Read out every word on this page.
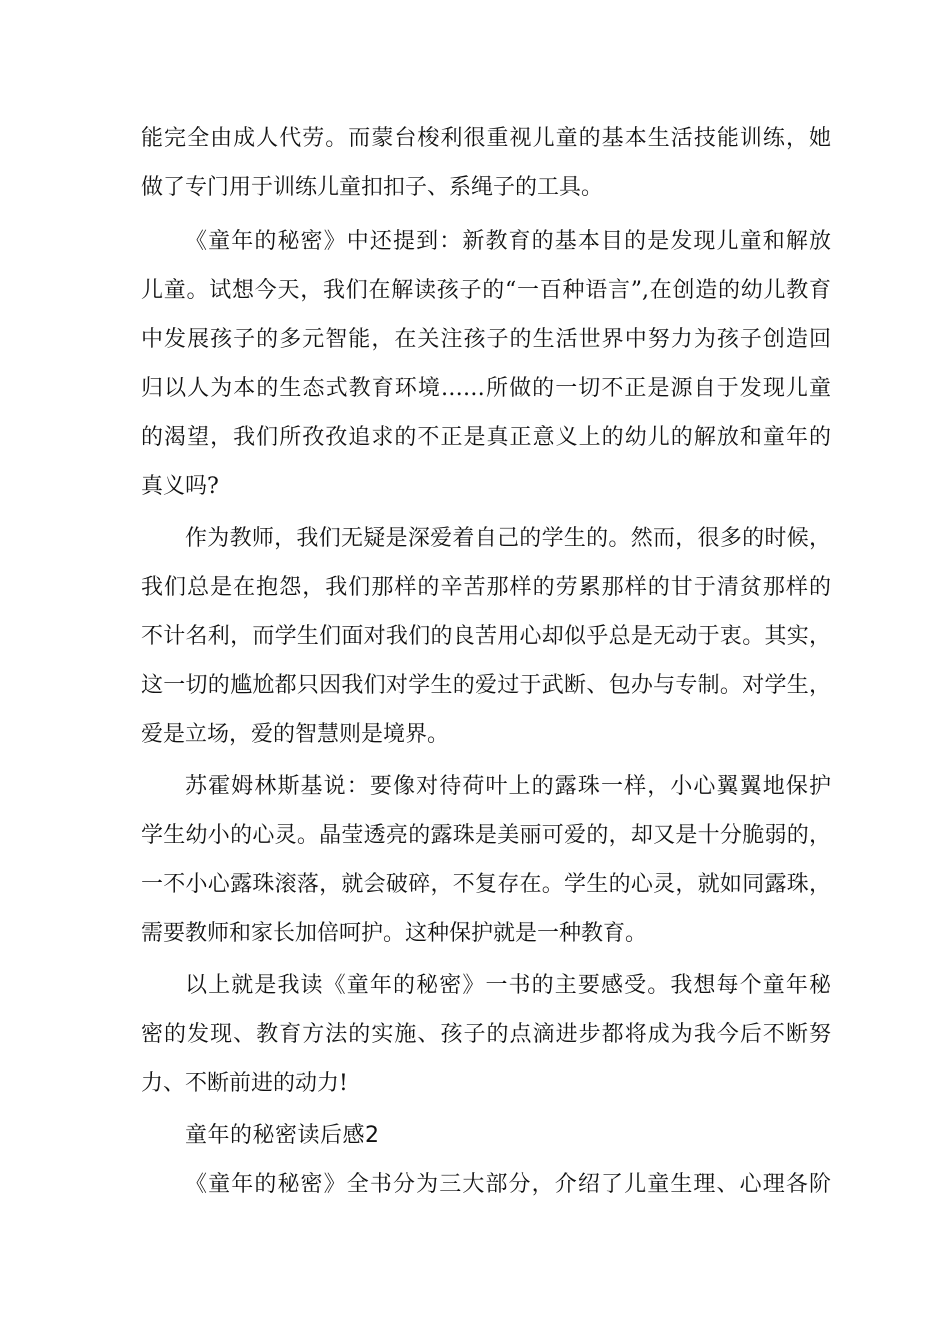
能完全由成人代劳。而蒙台梭利很重视儿童的基本生活技能训练，她
做了专门用于训练儿童扣扣子、系绳子的工具。
《童年的秘密》中还提到：新教育的基本目的是发现儿童和解放
儿童。试想今天，我们在解读孩子的“一百种语言”,在创造的幼儿教育
中发展孩子的多元智能，在关注孩子的生活世界中努力为孩子创造回
归以人为本的生态式教育环境……所做的一切不正是源自于发现儿童
的渴望，我们所孜孜追求的不正是真正意义上的幼儿的解放和童年的
真义吗?
作为教师，我们无疑是深爱着自己的学生的。然而，很多的时候，
我们总是在抱怨，我们那样的辛苦那样的劳累那样的甘于清贫那样的
不计名利，而学生们面对我们的良苦用心却似乎总是无动于衷。其实，
这一切的尴尬都只因我们对学生的爱过于武断、包办与专制。对学生，
爱是立场，爱的智慧则是境界。
苏霍姆林斯基说：要像对待荷叶上的露珠一样，小心翼翼地保护
学生幼小的心灵。晶莹透亮的露珠是美丽可爱的，却又是十分脆弱的，
一不小心露珠滚落，就会破碎，不复存在。学生的心灵，就如同露珠，
需要教师和家长加倍呵护。这种保护就是一种教育。
以上就是我读《童年的秘密》一书的主要感受。我想每个童年秘
密的发现、教育方法的实施、孩子的点滴进步都将成为我今后不断努
力、不断前进的动力!
童年的秘密读后感2
《童年的秘密》全书分为三大部分，介绍了儿童生理、心理各阶
